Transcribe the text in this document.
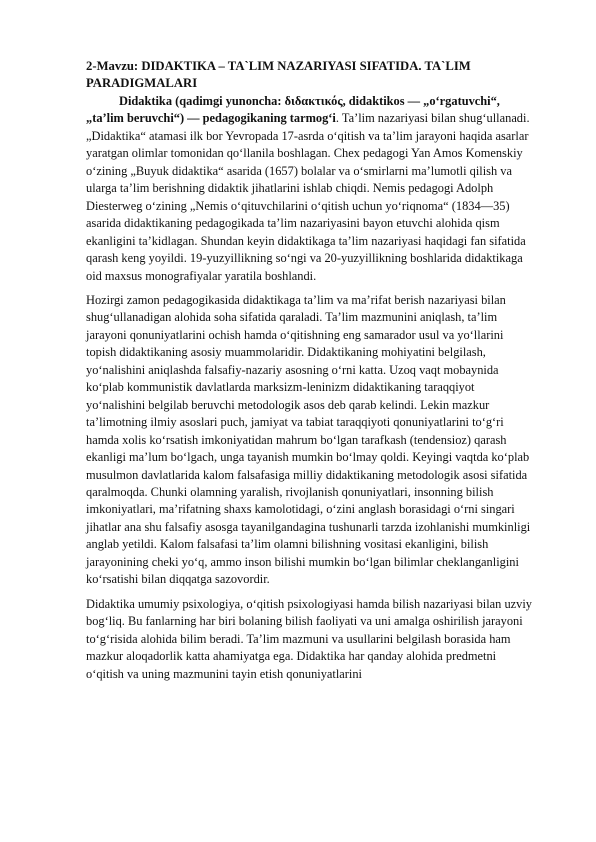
2-Mavzu: DIDAKTIKA – TA`LIM NAZARIYASI SIFATIDA. TA`LIM PARADIGMALARI

Didaktika (qadimgi yunoncha: διδακτικός, didaktikos — „o‘rgatuvchi“, „ta’lim beruvchi“) — pedagogikaning tarmog‘i. Ta’lim nazariyasi bilan shug‘ullanadi. „Didaktika“ atamasi ilk bor Yevropada 17-asrda o‘qitish va ta’lim jarayoni haqida asarlar yaratgan olimlar tomonidan qo‘llanila boshlagan. Chex pedagogi Yan Amos Komenskiy o‘zining „Buyuk didaktika“ asarida (1657) bolalar va o‘smirlarni ma’lumotli qilish va ularga ta’lim berishning didaktik jihatlarini ishlab chiqdi. Nemis pedagogi Adolph Diesterweg o‘zining „Nemis o‘qituvchilarini o‘qitish uchun yo‘riqnoma“ (1834—35) asarida didaktikaning pedagogikada ta’lim nazariyasini bayon etuvchi alohida qism ekanligini ta’kidlagan. Shundan keyin didaktikaga ta’lim nazariyasi haqidagi fan sifatida qarash keng yoyildi. 19-yuzyillikning so‘ngi va 20-yuzyillikning boshlarida didaktikaga oid maxsus monografiyalar yaratila boshlandi.

Hozirgi zamon pedagogikasida didaktikaga ta’lim va ma’rifat berish nazariyasi bilan shug‘ullanadigan alohida soha sifatida qaraladi. Ta’lim mazmunini aniqlash, ta’lim jarayoni qonuniyatlarini ochish hamda o‘qitishning eng samarador usul va yo‘llarini topish didaktikaning asosiy muammolaridir. Didaktikaning mohiyatini belgilash, yo‘nalishini aniqlashda falsafiy-nazariy asosning o‘rni katta. Uzoq vaqt mobaynida ko‘plab kommunistik davlatlarda marksizm-leninizm didaktikaning taraqqiyot yo‘nalishini belgilab beruvchi metodologik asos deb qarab kelindi. Lekin mazkur ta’limotning ilmiy asoslari puch, jamiyat va tabiat taraqqiyoti qonuniyatlarini to‘g‘ri hamda xolis ko‘rsatish imkoniyatidan mahrum bo‘lgan tarafkash (tendensioz) qarash ekanligi ma’lum bo‘lgach, unga tayanish mumkin bo‘lmay qoldi. Keyingi vaqtda ko‘plab musulmon davlatlarida kalom falsafasiga milliy didaktikaning metodologik asosi sifatida qaralmoqda. Chunki olamning yaralish, rivojlanish qonuniyatlari, insonning bilish imkoniyatlari, ma’rifatning shaxs kamolotidagi, o‘zini anglash borasidagi o‘rni singari jihatlar ana shu falsafiy asosga tayanilgandagina tushunarli tarzda izohlanishi mumkinligi anglab yetildi. Kalom falsafasi ta’lim olamni bilishning vositasi ekanligini, bilish jarayonining cheki yo‘q, ammo inson bilishi mumkin bo‘lgan bilimlar cheklanganligini ko‘rsatishi bilan diqqatga sazovordir.

Didaktika umumiy psixologiya, o‘qitish psixologiyasi hamda bilish nazariyasi bilan uzviy bog‘liq. Bu fanlarning har biri bolaning bilish faoliyati va uni amalga oshirilish jarayoni to‘g‘risida alohida bilim beradi. Ta’lim mazmuni va usullarini belgilash borasida ham mazkur aloqadorlik katta ahamiyatga ega. Didaktika har qanday alohida predmetni o‘qitish va uning mazmunini tayin etish qonuniyatlarini
